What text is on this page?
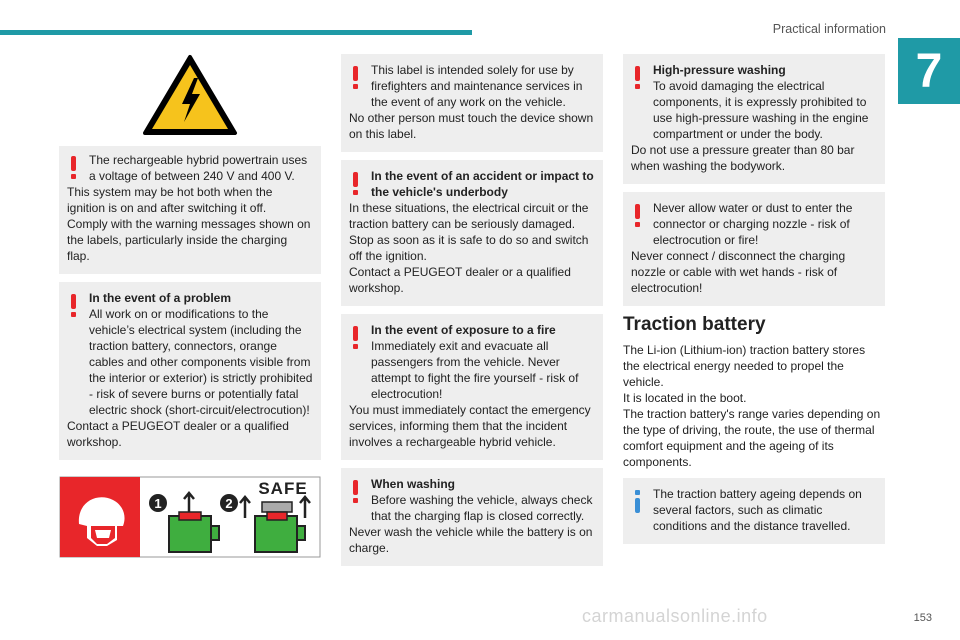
Practical information
7
The rechargeable hybrid powertrain uses a voltage of between 240 V and 400 V.
This system may be hot both when the ignition is on and after switching it off.
Comply with the warning messages shown on the labels, particularly inside the charging flap.
In the event of a problem
All work on or modifications to the vehicle’s electrical system (including the traction battery, connectors, orange cables and other components visible from the interior or exterior) is strictly prohibited - risk of severe burns or potentially fatal electric shock (short-circuit/electrocution)!
Contact a PEUGEOT dealer or a qualified workshop.
1	2
SAFE
This label is intended solely for use by firefighters and maintenance services in the event of any work on the vehicle.
No other person must touch the device shown on this label.
In the event of an accident or impact to the vehicle's underbody
In these situations, the electrical circuit or the traction battery can be seriously damaged.
Stop as soon as it is safe to do so and switch off the ignition.
Contact a PEUGEOT dealer or a qualified workshop.
In the event of exposure to a fire
Immediately exit and evacuate all passengers from the vehicle. Never attempt to fight the fire yourself - risk of electrocution!
You must immediately contact the emergency services, informing them that the incident involves a rechargeable hybrid vehicle.
When washing
Before washing the vehicle, always check that the charging flap is closed correctly.
Never wash the vehicle while the battery is on charge.
High-pressure washing
To avoid damaging the electrical components, it is expressly prohibited to use high-pressure washing in the engine compartment or under the body.
Do not use a pressure greater than 80 bar when washing the bodywork.
Never allow water or dust to enter the connector or charging nozzle - risk of electrocution or fire!
Never connect / disconnect the charging nozzle or cable with wet hands - risk of electrocution!
Traction battery
The Li-ion (Lithium-ion) traction battery stores the electrical energy needed to propel the vehicle.
It is located in the boot.
The traction battery's range varies depending on the type of driving, the route, the use of thermal comfort equipment and the ageing of its components.
The traction battery ageing depends on several factors, such as climatic conditions and the distance travelled.
153
carmanualsonline.info
